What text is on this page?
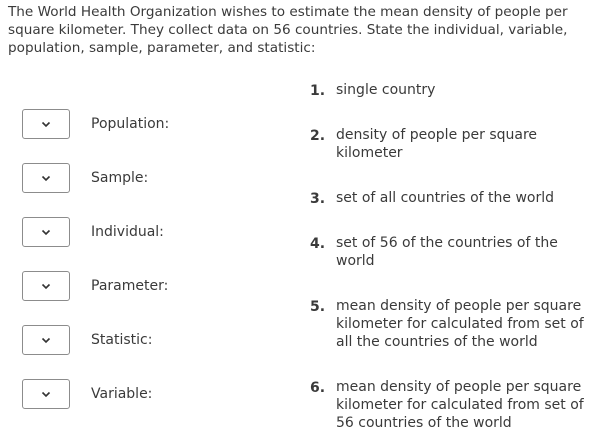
The World Health Organization wishes to estimate the mean density of people per square kilometer. They collect data on 56 countries. State the individual, variable, population, sample, parameter, and statistic:

Population:
Sample:
Individual:
Parameter:
Statistic:
Variable:
1. single country
2. density of people per square kilometer
3. set of all countries of the world
4. set of 56 of the countries of the world
5. mean density of people per square kilometer for calculated from set of all the countries of the world
6. mean density of people per square kilometer for calculated from set of 56 countries of the world
